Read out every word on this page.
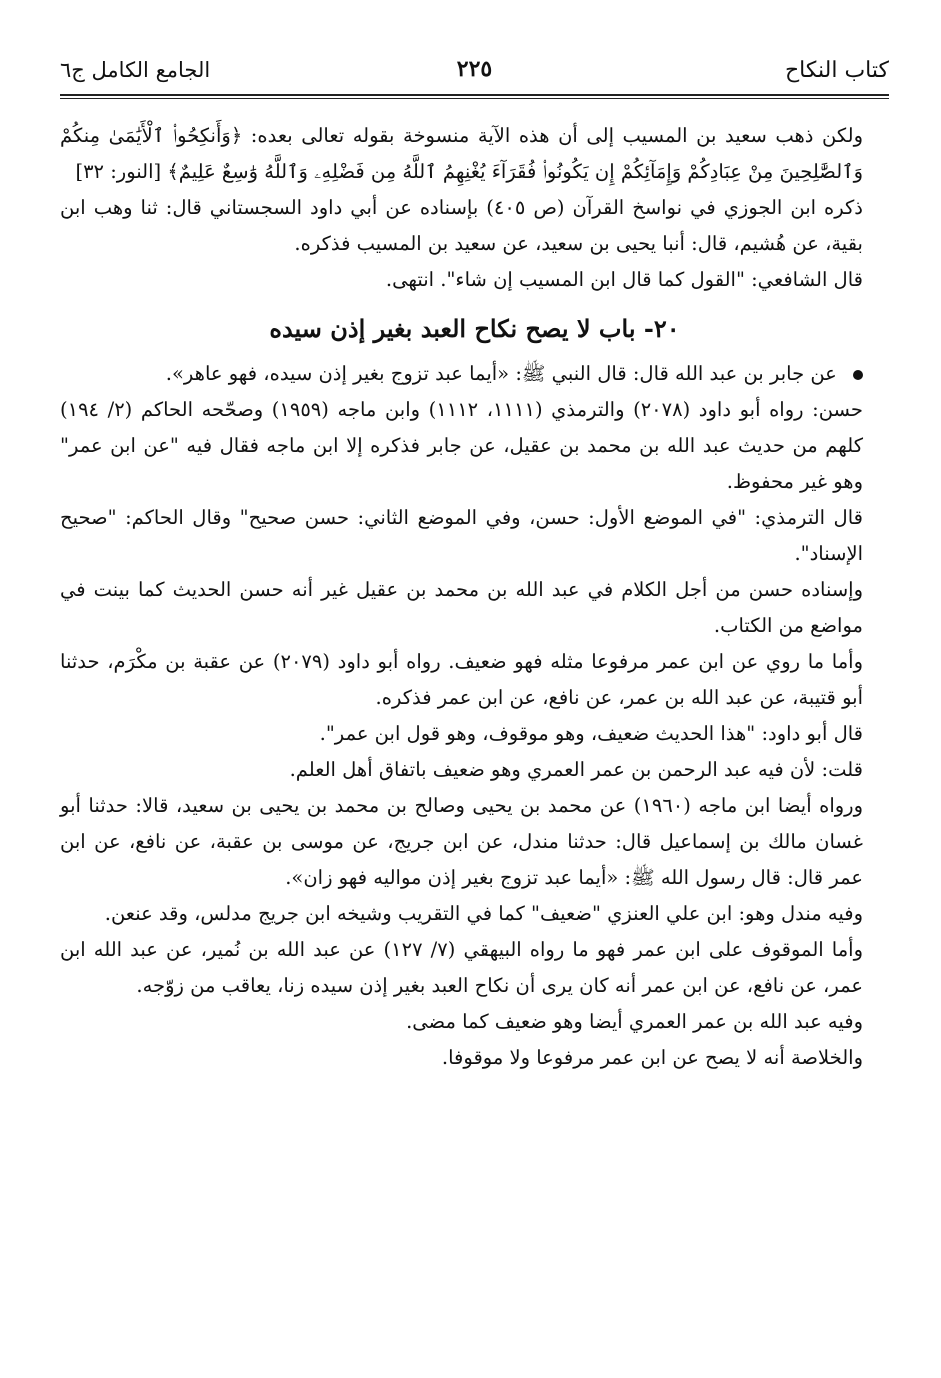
كتاب النكاح
٢٢٥
الجامع الكامل ج٦

ولكن ذهب سعيد بن المسيب إلى أن هذه الآية منسوخة بقوله تعالى بعده: ﴿وَأَنكِحُوا۟ ٱلْأَيَٰمَىٰ مِنكُمْ وَٱلصَّٰلِحِينَ مِنْ عِبَادِكُمْ وَإِمَآئِكُمْ إِن يَكُونُوا۟ فُقَرَآءَ يُغْنِهِمُ ٱللَّهُ مِن فَضْلِهِۦ وَٱللَّهُ وَٰسِعٌ عَلِيمٌ﴾ [النور: ٣٢]

ذكره ابن الجوزي في نواسخ القرآن (ص ٤٠٥) بإسناده عن أبي داود السجستاني قال: ثنا وهب ابن بقية، عن هُشيم، قال: أنبا يحيى بن سعيد، عن سعيد بن المسيب فذكره.

قال الشافعي: "القول كما قال ابن المسيب إن شاء". انتهى.

٢٠- باب لا يصح نكاح العبد بغير إذن سيده

عن جابر بن عبد الله قال: قال النبي ﷺ: «أيما عبد تزوج بغير إذن سيده، فهو عاهر».

حسن: رواه أبو داود (٢٠٧٨) والترمذي (١١١١، ١١١٢) وابن ماجه (١٩٥٩) وصحّحه الحاكم (٢/ ١٩٤) كلهم من حديث عبد الله بن محمد بن عقيل، عن جابر فذكره إلا ابن ماجه فقال فيه "عن ابن عمر" وهو غير محفوظ.

قال الترمذي: "في الموضع الأول: حسن، وفي الموضع الثاني: حسن صحيح" وقال الحاكم: "صحيح الإسناد".

وإسناده حسن من أجل الكلام في عبد الله بن محمد بن عقيل غير أنه حسن الحديث كما بينت في مواضع من الكتاب.

وأما ما روي عن ابن عمر مرفوعا مثله فهو ضعيف. رواه أبو داود (٢٠٧٩) عن عقبة بن مكْرَم، حدثنا أبو قتيبة، عن عبد الله بن عمر، عن نافع، عن ابن عمر فذكره.

قال أبو داود: "هذا الحديث ضعيف، وهو موقوف، وهو قول ابن عمر".

قلت: لأن فيه عبد الرحمن بن عمر العمري وهو ضعيف باتفاق أهل العلم.

ورواه أيضا ابن ماجه (١٩٦٠) عن محمد بن يحيى وصالح بن محمد بن يحيى بن سعيد، قالا: حدثنا أبو غسان مالك بن إسماعيل قال: حدثنا مندل، عن ابن جريج، عن موسى بن عقبة، عن نافع، عن ابن عمر قال: قال رسول الله ﷺ: «أيما عبد تزوج بغير إذن مواليه فهو زان».

وفيه مندل وهو: ابن علي العنزي "ضعيف" كما في التقريب وشيخه ابن جريج مدلس، وقد عنعن.

وأما الموقوف على ابن عمر فهو ما رواه البيهقي (٧/ ١٢٧) عن عبد الله بن نُمير، عن عبد الله ابن عمر، عن نافع، عن ابن عمر أنه كان يرى أن نكاح العبد بغير إذن سيده زنا، يعاقب من زوّجه.

وفيه عبد الله بن عمر العمري أيضا وهو ضعيف كما مضى.

والخلاصة أنه لا يصح عن ابن عمر مرفوعا ولا موقوفا.
